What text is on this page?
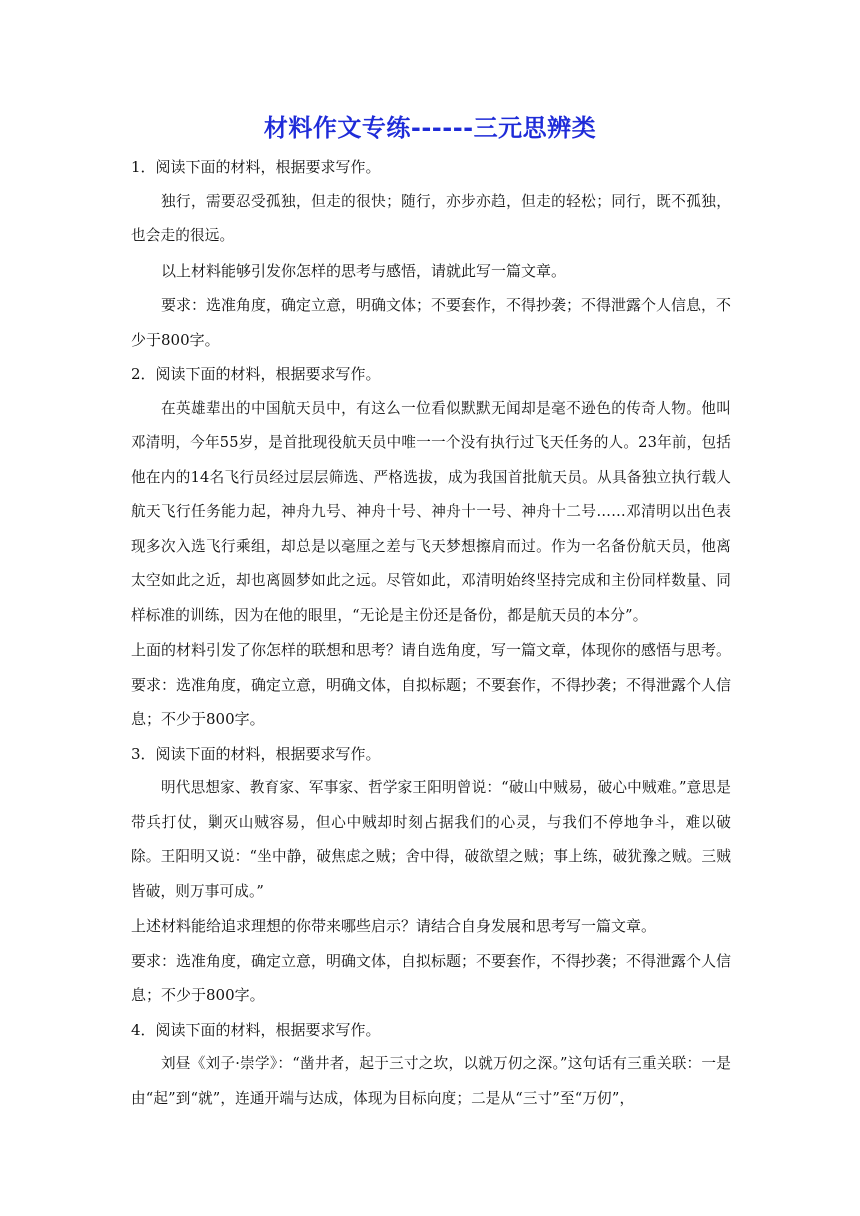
材料作文专练------三元思辨类

1．阅读下面的材料，根据要求写作。

独行，需要忍受孤独，但走的很快；随行，亦步亦趋，但走的轻松；同行，既不孤独，也会走的很远。

以上材料能够引发你怎样的思考与感悟，请就此写一篇文章。

要求：选准角度，确定立意，明确文体；不要套作，不得抄袭；不得泄露个人信息，不少于800字。

2．阅读下面的材料，根据要求写作。

在英雄辈出的中国航天员中，有这么一位看似默默无闻却是毫不逊色的传奇人物。他叫邓清明，今年55岁，是首批现役航天员中唯一一个没有执行过飞天任务的人。23年前，包括他在内的14名飞行员经过层层筛选、严格选拔，成为我国首批航天员。从具备独立执行载人航天飞行任务能力起，神舟九号、神舟十号、神舟十一号、神舟十二号……邓清明以出色表现多次入选飞行乘组，却总是以毫厘之差与飞天梦想擦肩而过。作为一名备份航天员，他离太空如此之近，却也离圆梦如此之远。尽管如此，邓清明始终坚持完成和主份同样数量、同样标准的训练，因为在他的眼里，“无论是主份还是备份，都是航天员的本分”。

上面的材料引发了你怎样的联想和思考？请自选角度，写一篇文章，体现你的感悟与思考。

要求：选准角度，确定立意，明确文体，自拟标题；不要套作，不得抄袭；不得泄露个人信息；不少于800字。

3．阅读下面的材料，根据要求写作。

明代思想家、教育家、军事家、哲学家王阳明曾说：“破山中贼易，破心中贼难。”意思是带兵打仗，剿灭山贼容易，但心中贼却时刻占据我们的心灵，与我们不停地争斗，难以破除。王阳明又说：“坐中静，破焦虑之贼；舍中得，破欲望之贼；事上练，破犹豫之贼。三贼皆破，则万事可成。”

上述材料能给追求理想的你带来哪些启示？请结合自身发展和思考写一篇文章。

要求：选准角度，确定立意，明确文体，自拟标题；不要套作，不得抄袭；不得泄露个人信息；不少于800字。

4．阅读下面的材料，根据要求写作。

刘昼《刘子·崇学》：“凿井者，起于三寸之坎，以就万仞之深。”这句话有三重关联：一是由“起”到“就”，连通开端与达成，体现为目标向度；二是从“三寸”至“万仞”，
